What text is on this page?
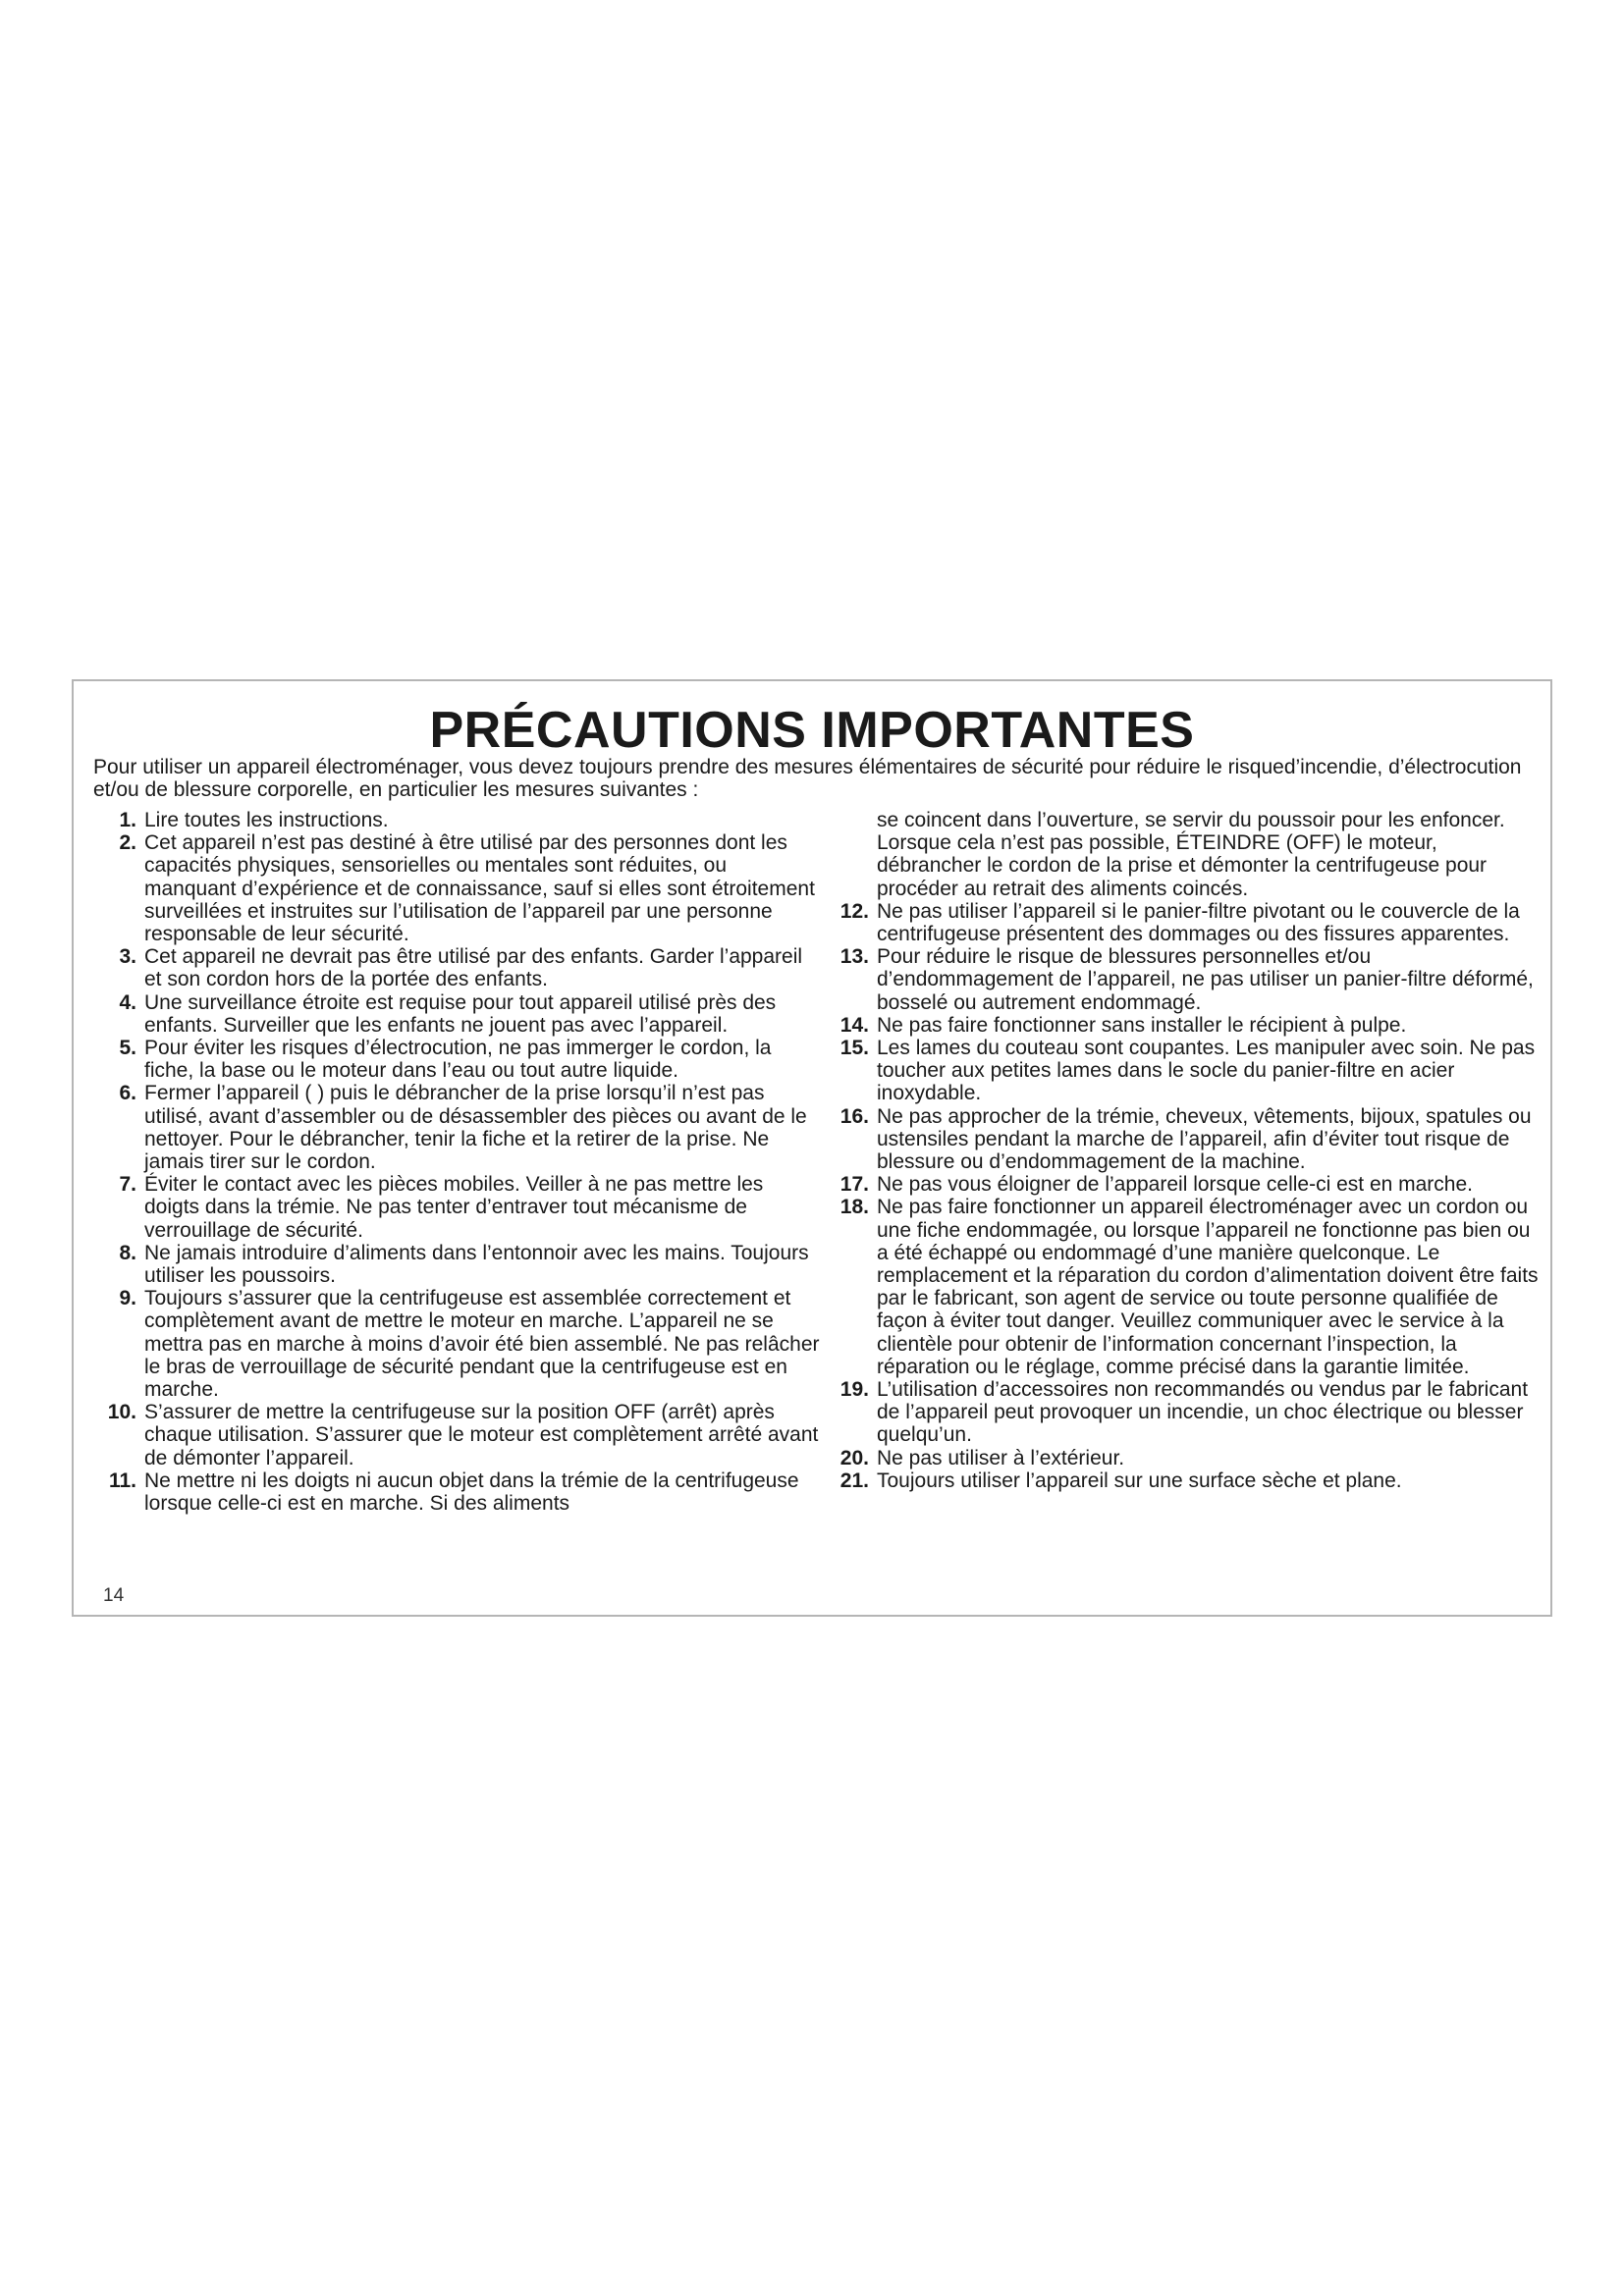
PRÉCAUTIONS IMPORTANTES

Pour utiliser un appareil électroménager, vous devez toujours prendre des mesures élémentaires de sécurité pour réduire le risqued’incendie, d’électrocution et/ou de blessure corporelle, en particulier les mesures suivantes :

1. Lire toutes les instructions.
2. Cet appareil n’est pas destiné à être utilisé par des personnes dont les capacités physiques, sensorielles ou mentales sont réduites, ou manquant d’expérience et de connaissance, sauf si elles sont étroitement surveillées et instruites sur l’utilisation de l’appareil par une personne responsable de leur sécurité.
3. Cet appareil ne devrait pas être utilisé par des enfants. Garder l’appareil et son cordon hors de la portée des enfants.
4. Une surveillance étroite est requise pour tout appareil utilisé près des enfants. Surveiller que les enfants ne jouent pas avec l’appareil.
5. Pour éviter les risques d’électrocution, ne pas immerger le cordon, la fiche, la base ou le moteur dans l’eau ou tout autre liquide.
6. Fermer l’appareil ( ) puis le débrancher de la prise lorsqu’il n’est pas utilisé, avant d’assembler ou de désassembler des pièces ou avant de le nettoyer. Pour le débrancher, tenir la fiche et la retirer de la prise. Ne jamais tirer sur le cordon.
7. Éviter le contact avec les pièces mobiles. Veiller à ne pas mettre les doigts dans la trémie. Ne pas tenter d’entraver tout mécanisme de verrouillage de sécurité.
8. Ne jamais introduire d’aliments dans l’entonnoir avec les mains. Toujours utiliser les poussoirs.
9. Toujours s’assurer que la centrifugeuse est assemblée correctement et complètement avant de mettre le moteur en marche. L’appareil ne se mettra pas en marche à moins d’avoir été bien assemblé. Ne pas relâcher le bras de verrouillage de sécurité pendant que la centrifugeuse est en marche.
10. S’assurer de mettre la centrifugeuse sur la position OFF (arrêt) après chaque utilisation. S’assurer que le moteur est complètement arrêté avant de démonter l’appareil.
11. Ne mettre ni les doigts ni aucun objet dans la trémie de la centrifugeuse lorsque celle-ci est en marche. Si des aliments
se coincent dans l’ouverture, se servir du poussoir pour les enfoncer. Lorsque cela n’est pas possible, ÉTEINDRE (OFF) le moteur, débrancher le cordon de la prise et démonter la centrifugeuse pour procéder au retrait des aliments coincés.
12. Ne pas utiliser l’appareil si le panier-filtre pivotant ou le couvercle de la centrifugeuse présentent des dommages ou des fissures apparentes.
13. Pour réduire le risque de blessures personnelles et/ou d’endommagement de l’appareil, ne pas utiliser un panier-filtre déformé, bosselé ou autrement endommagé.
14. Ne pas faire fonctionner sans installer le récipient à pulpe.
15. Les lames du couteau sont coupantes. Les manipuler avec soin. Ne pas toucher aux petites lames dans le socle du panier-filtre en acier inoxydable.
16. Ne pas approcher de la trémie, cheveux, vêtements, bijoux, spatules ou ustensiles pendant la marche de l’appareil, afin d’éviter tout risque de blessure ou d’endommagement de la machine.
17. Ne pas vous éloigner de l’appareil lorsque celle-ci est en marche.
18. Ne pas faire fonctionner un appareil électroménager avec un cordon ou une fiche endommagée, ou lorsque l’appareil ne fonctionne pas bien ou a été échappé ou endommagé d’une manière quelconque. Le remplacement et la réparation du cordon d’alimentation doivent être faits par le fabricant, son agent de service ou toute personne qualifiée de façon à éviter tout danger. Veuillez communiquer avec le service à la clientèle pour obtenir de l’information concernant l’inspection, la réparation ou le réglage, comme précisé dans la garantie limitée.
19. L’utilisation d’accessoires non recommandés ou vendus par le fabricant de l’appareil peut provoquer un incendie, un choc électrique ou blesser quelqu’un.
20. Ne pas utiliser à l’extérieur.
21. Toujours utiliser l’appareil sur une surface sèche et plane.
14
